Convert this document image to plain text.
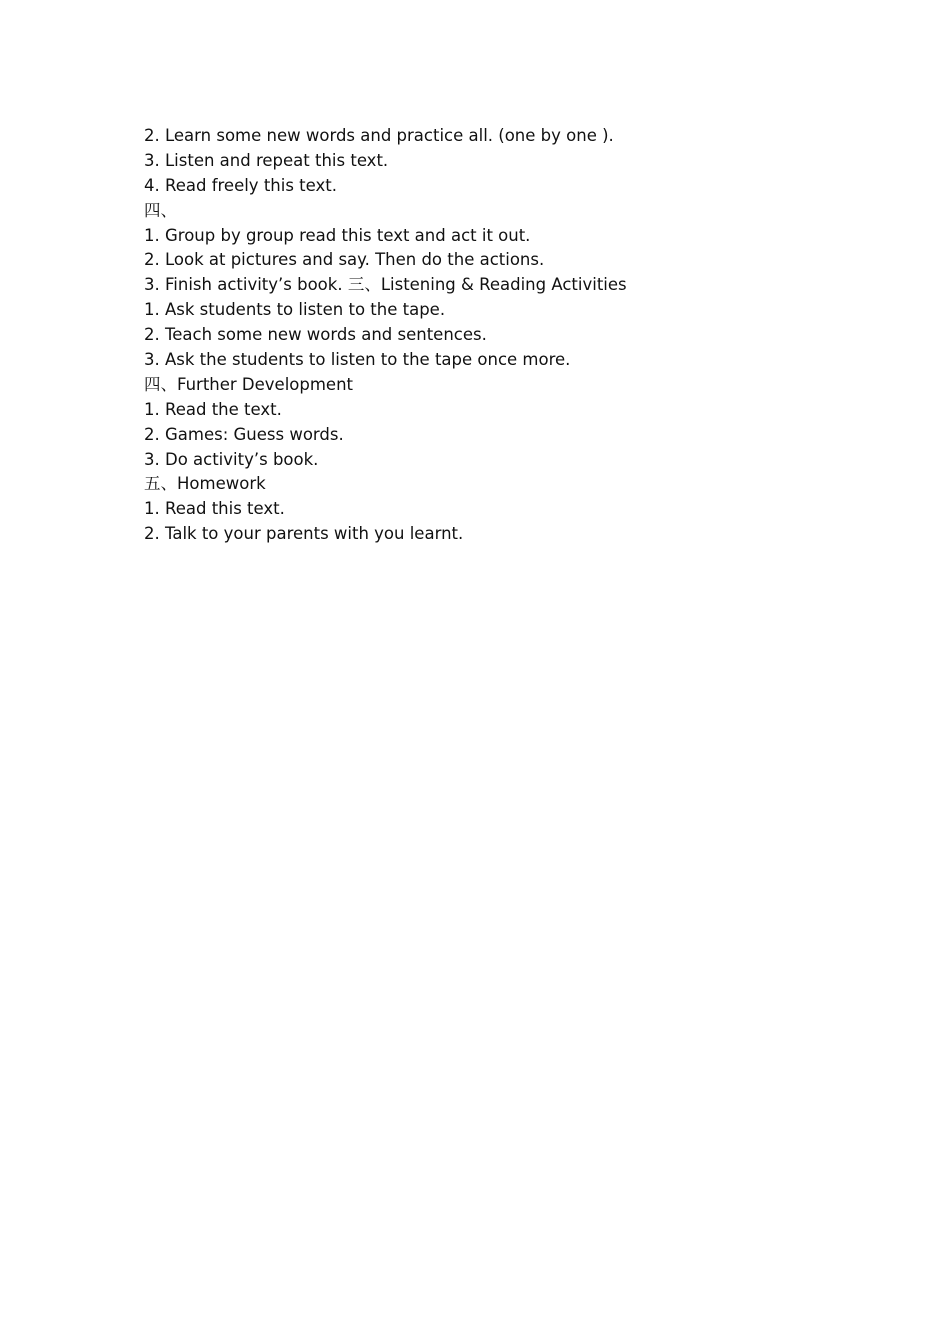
2. Learn some new words and practice all. (one by one ).
3. Listen and repeat this text.
4. Read freely this text.
四、
1. Group by group read this text and act it out.
2. Look at pictures and say. Then do the actions.
3. Finish activity’s book. 三、Listening & Reading Activities
1. Ask students to listen to the tape.
2. Teach some new words and sentences.
3. Ask the students to listen to the tape once more.
四、Further Development
1. Read the text.
2. Games: Guess words.
3. Do activity’s book.
五、Homework
1. Read this text.
2. Talk to your parents with you learnt.
